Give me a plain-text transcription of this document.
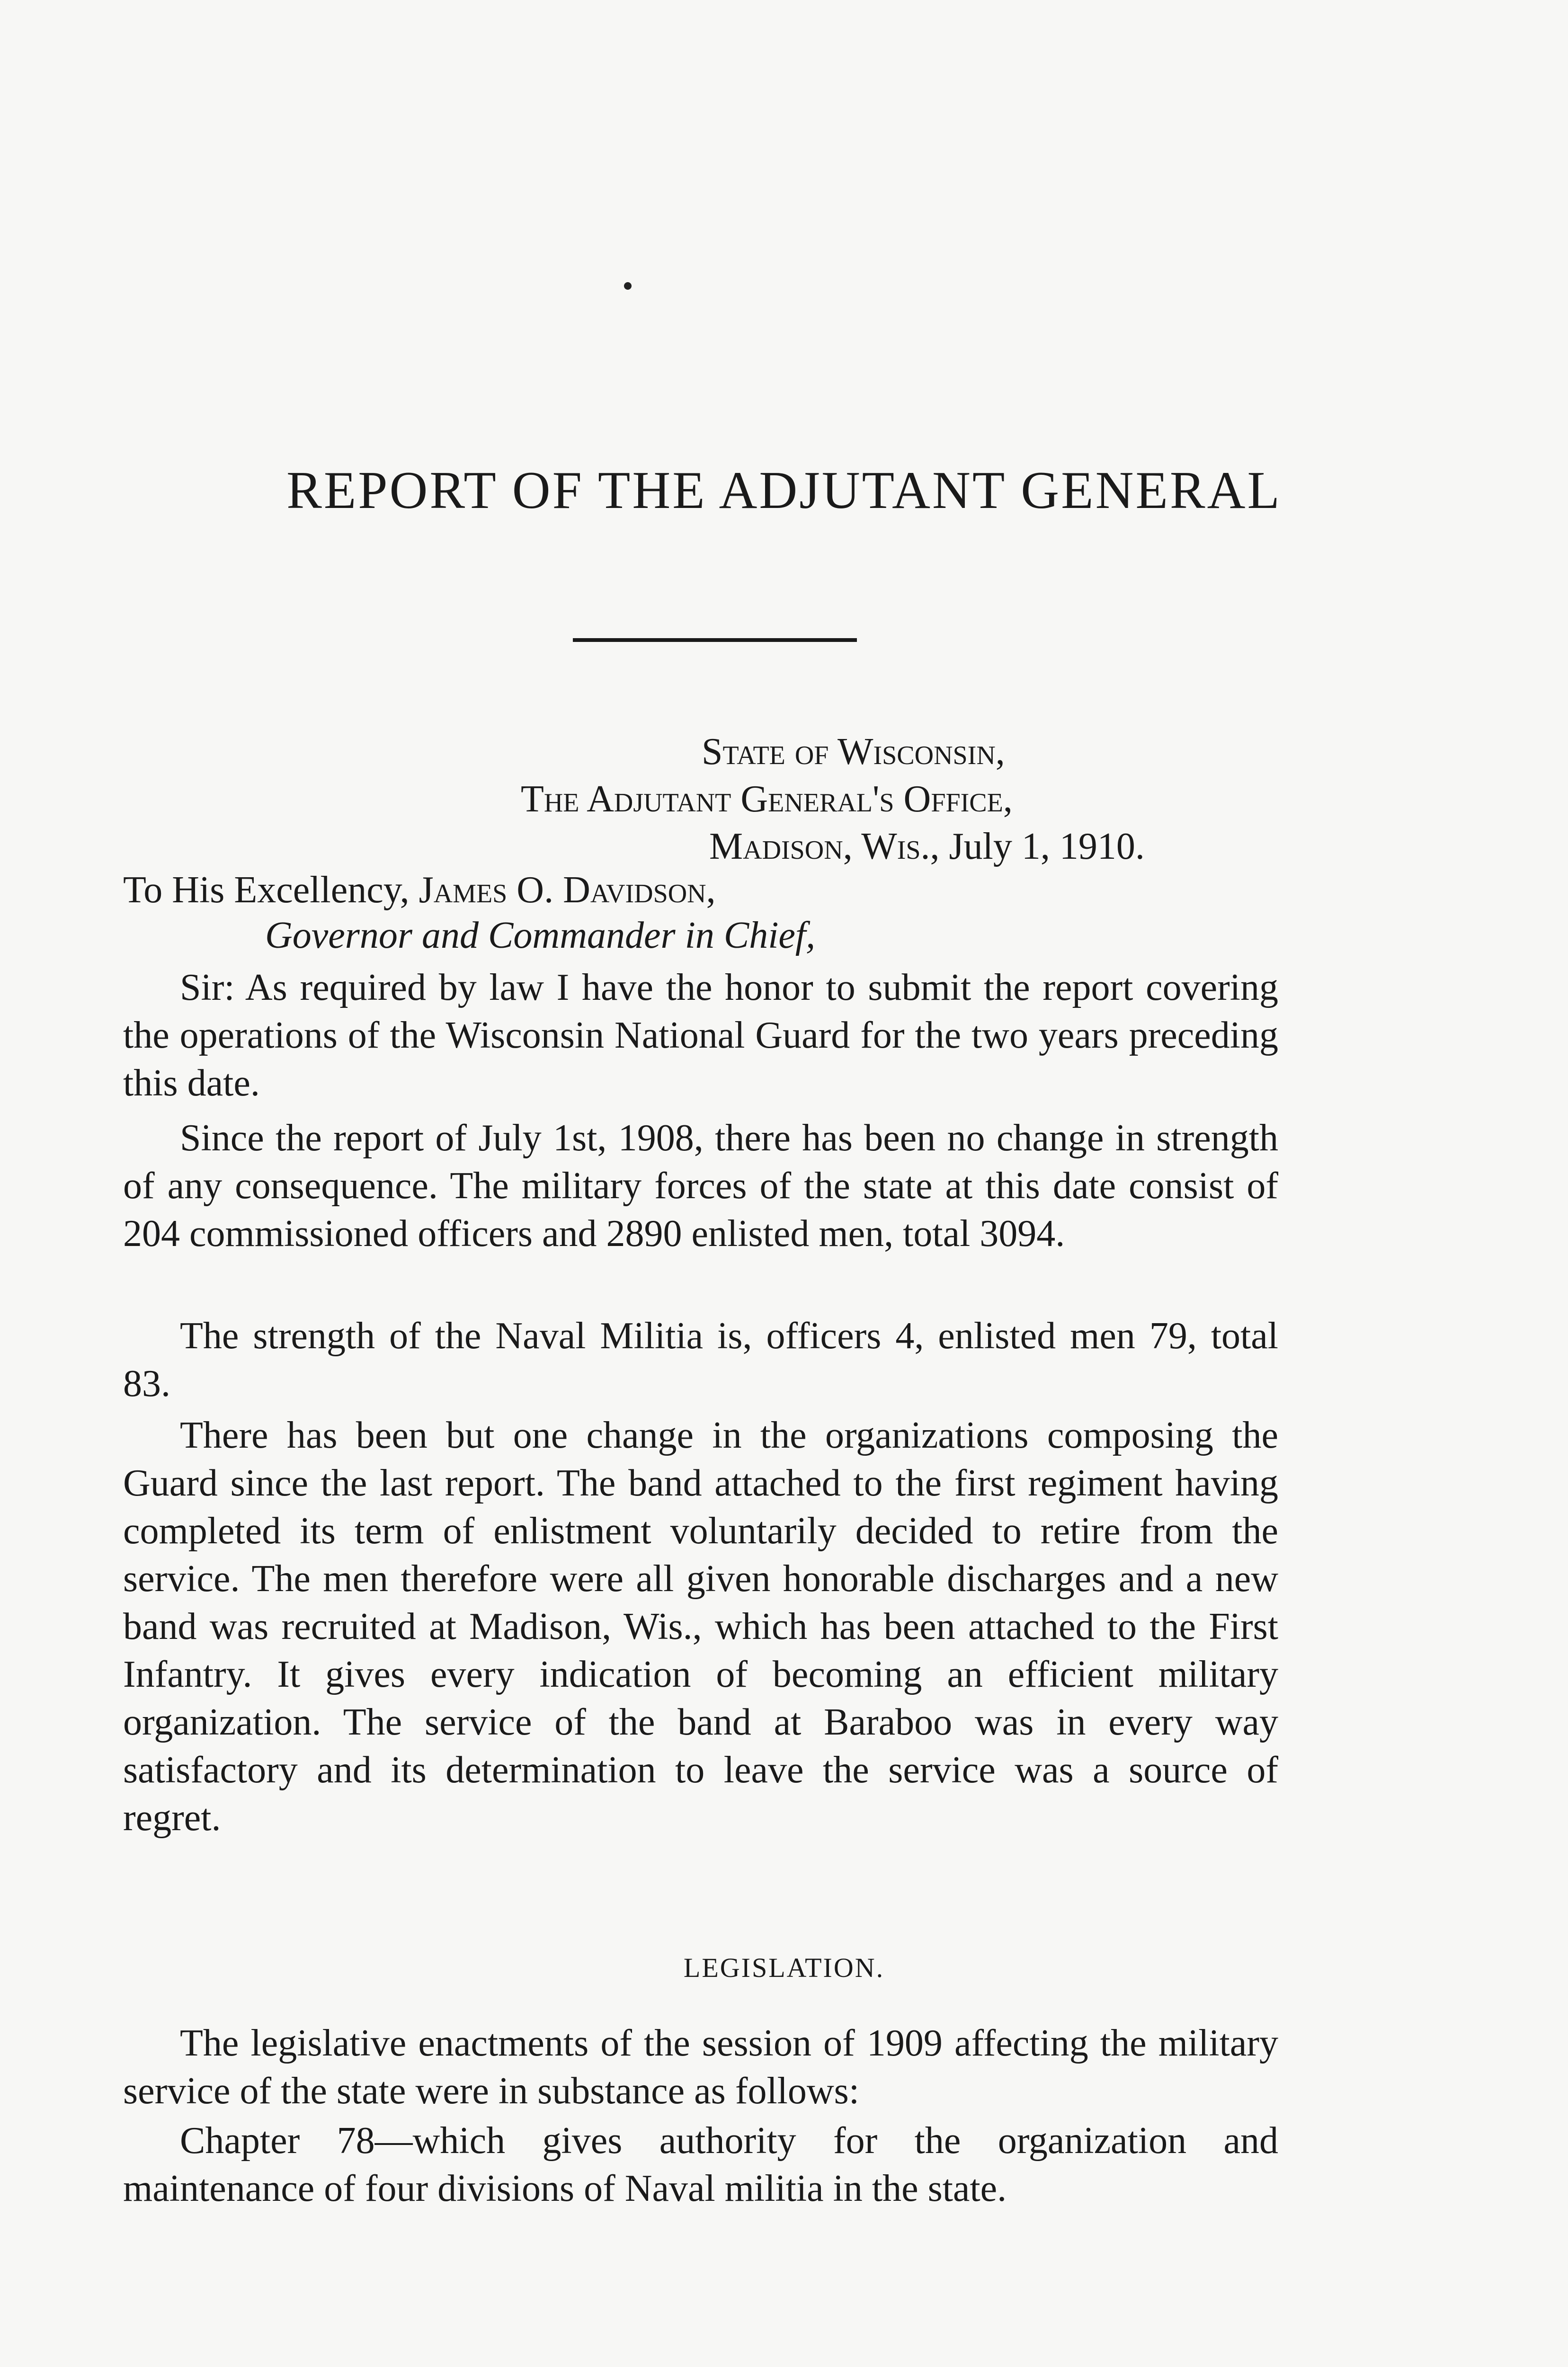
REPORT OF THE ADJUTANT GENERAL
State of Wisconsin,
The Adjutant General's Office,
Madison, Wis., July 1, 1910.
To His Excellency, James O. Davidson,
Governor and Commander in Chief,
Sir: As required by law I have the honor to submit the report covering the operations of the Wisconsin National Guard for the two years preceding this date.
Since the report of July 1st, 1908, there has been no change in strength of any consequence. The military forces of the state at this date consist of 204 commissioned officers and 2890 enlisted men, total 3094.
The strength of the Naval Militia is, officers 4, enlisted men 79, total 83.
There has been but one change in the organizations composing the Guard since the last report. The band attached to the first regiment having completed its term of enlistment voluntarily decided to retire from the service. The men therefore were all given honorable discharges and a new band was recruited at Madison, Wis., which has been attached to the First Infantry. It gives every indication of becoming an efficient military organization. The service of the band at Baraboo was in every way satisfactory and its determination to leave the service was a source of regret.
LEGISLATION.
The legislative enactments of the session of 1909 affecting the military service of the state were in substance as follows:
Chapter 78—which gives authority for the organization and maintenance of four divisions of Naval militia in the state.
